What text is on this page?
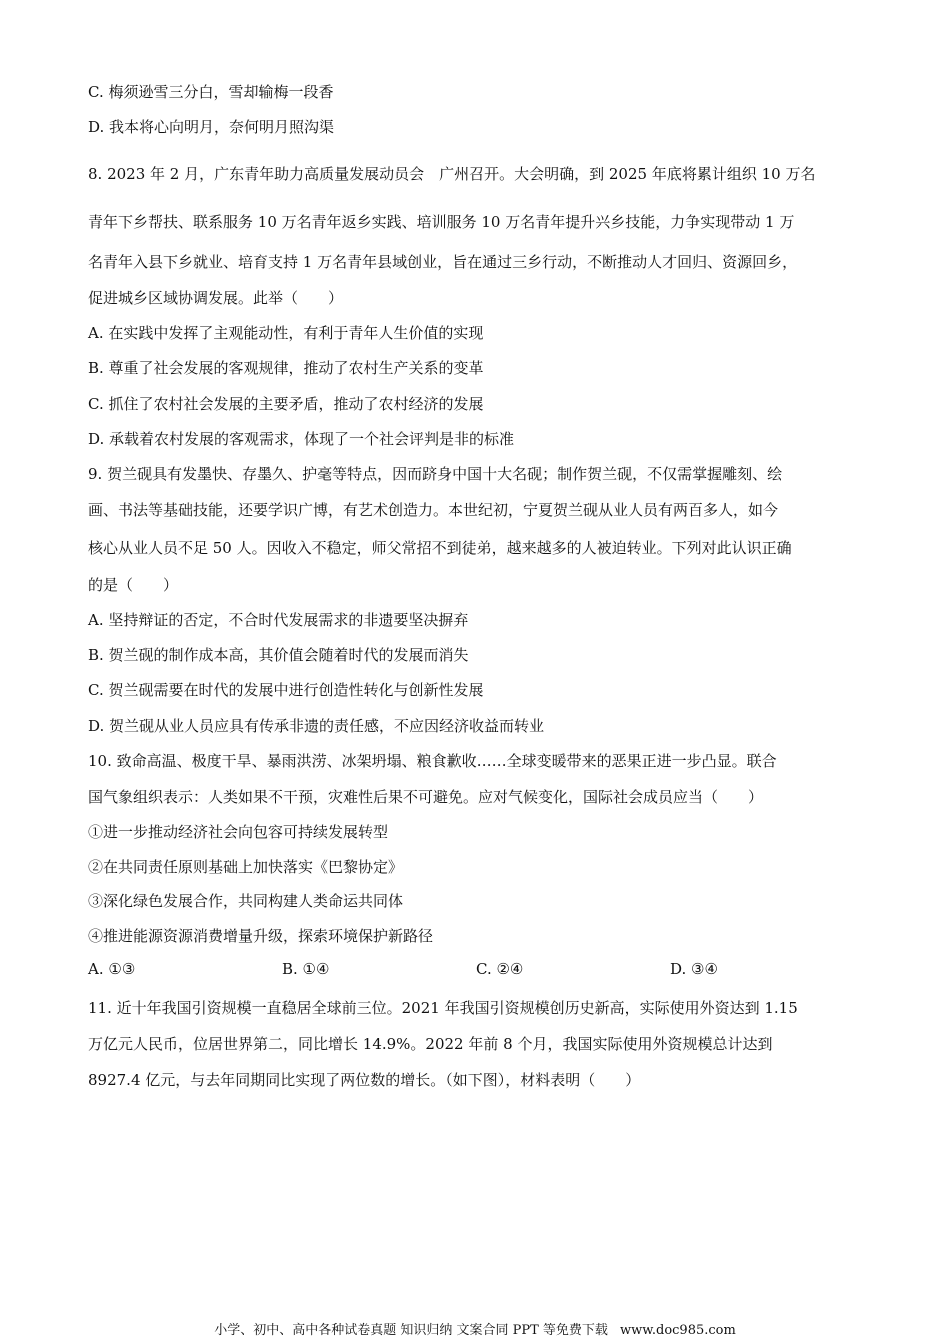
C. 梅须逊雪三分白，雪却输梅一段香
D. 我本将心向明月，奈何明月照沟渠
8. 2023 年 2 月，广东青年助力高质量发展动员会　广州召开。大会明确，到 2025 年底将累计组织 10 万名
青年下乡帮扶、联系服务 10 万名青年返乡实践、培训服务 10 万名青年提升兴乡技能，力争实现带动 1 万
名青年入县下乡就业、培育支持 1 万名青年县域创业，旨在通过三乡行动，不断推动人才回归、资源回乡，
促进城乡区域协调发展。此举（　　）
A. 在实践中发挥了主观能动性，有利于青年人生价值的实现
B. 尊重了社会发展的客观规律，推动了农村生产关系的变革
C. 抓住了农村社会发展的主要矛盾，推动了农村经济的发展
D. 承载着农村发展的客观需求，体现了一个社会评判是非的标准
9. 贺兰砚具有发墨快、存墨久、护毫等特点，因而跻身中国十大名砚；制作贺兰砚，不仅需掌握雕刻、绘
画、书法等基础技能，还要学识广博，有艺术创造力。本世纪初，宁夏贺兰砚从业人员有两百多人，如今
核心从业人员不足 50 人。因收入不稳定，师父常招不到徒弟，越来越多的人被迫转业。下列对此认识正确
的是（　　）
A. 坚持辩证的否定，不合时代发展需求的非遗要坚决摒弃
B. 贺兰砚的制作成本高，其价值会随着时代的发展而消失
C. 贺兰砚需要在时代的发展中进行创造性转化与创新性发展
D. 贺兰砚从业人员应具有传承非遗的责任感，不应因经济收益而转业
10. 致命高温、极度干旱、暴雨洪涝、冰架坍塌、粮食歉收……全球变暖带来的恶果正进一步凸显。联合
国气象组织表示：人类如果不干预，灾难性后果不可避免。应对气候变化，国际社会成员应当（　　）
①进一步推动经济社会向包容可持续发展转型
②在共同责任原则基础上加快落实《巴黎协定》
③深化绿色发展合作，共同构建人类命运共同体
④推进能源资源消费增量升级，探索环境保护新路径
A. ①③	B. ①④	C. ②④	D. ③④
11. 近十年我国引资规模一直稳居全球前三位。2021 年我国引资规模创历史新高，实际使用外资达到 1.15
万亿元人民币，位居世界第二，同比增长 14.9%。2022 年前 8 个月，我国实际使用外资规模总计达到
8927.4 亿元，与去年同期同比实现了两位数的增长。（如下图），材料表明（　　）
小学、初中、高中各种试卷真题 知识归纳 文案合同 PPT 等免费下载 www.doc985.com
